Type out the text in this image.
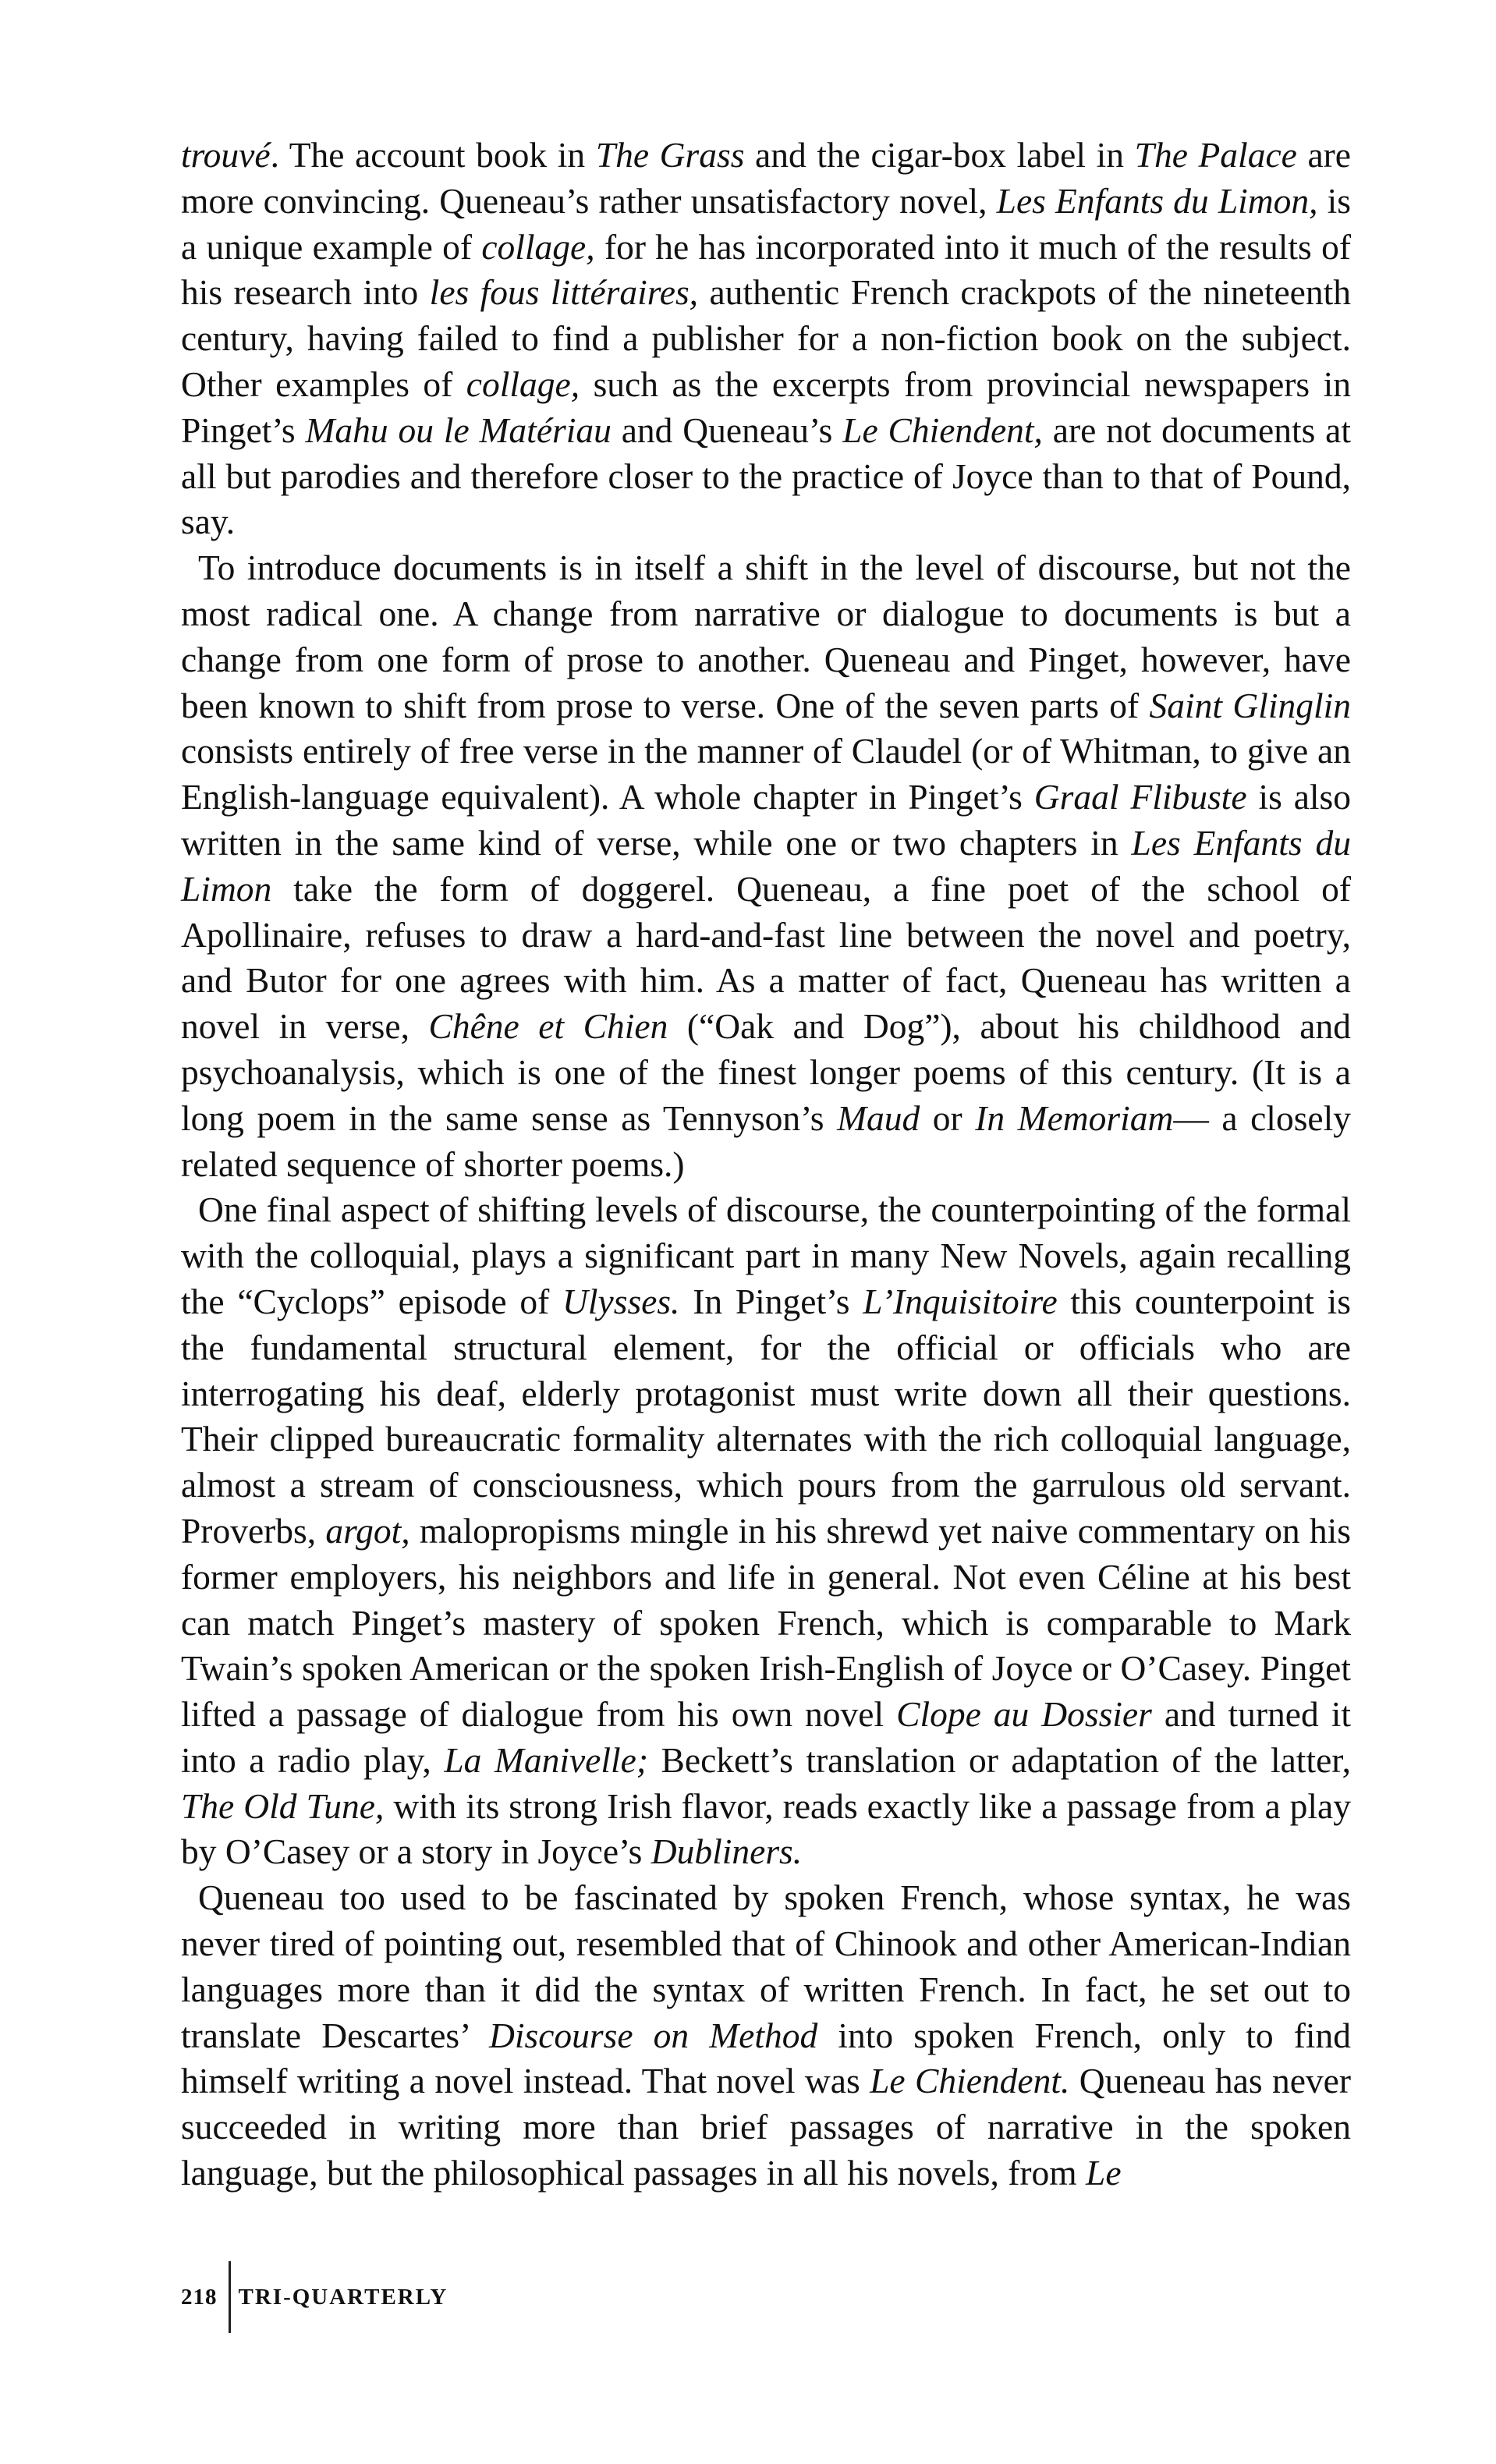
trouvé. The account book in The Grass and the cigar-box label in The Palace are more convincing. Queneau’s rather unsatisfactory novel, Les Enfants du Limon, is a unique example of collage, for he has incorporated into it much of the results of his research into les fous littéraires, authentic French crackpots of the nineteenth century, having failed to find a publisher for a non-fiction book on the subject. Other examples of collage, such as the excerpts from provincial newspapers in Pinget’s Mahu ou le Matériau and Queneau’s Le Chiendent, are not documents at all but parodies and therefore closer to the practice of Joyce than to that of Pound, say.

To introduce documents is in itself a shift in the level of discourse, but not the most radical one. A change from narrative or dialogue to documents is but a change from one form of prose to another. Queneau and Pinget, however, have been known to shift from prose to verse. One of the seven parts of Saint Glinglin consists entirely of free verse in the manner of Claudel (or of Whitman, to give an English-language equivalent). A whole chapter in Pinget’s Graal Flibuste is also written in the same kind of verse, while one or two chapters in Les Enfants du Limon take the form of doggerel. Queneau, a fine poet of the school of Apollinaire, refuses to draw a hard-and-fast line between the novel and poetry, and Butor for one agrees with him. As a matter of fact, Queneau has written a novel in verse, Chêne et Chien (“Oak and Dog”), about his childhood and psychoanalysis, which is one of the finest longer poems of this century. (It is a long poem in the same sense as Tennyson’s Maud or In Memoriam— a closely related sequence of shorter poems.)

One final aspect of shifting levels of discourse, the counterpointing of the formal with the colloquial, plays a significant part in many New Novels, again recalling the “Cyclops” episode of Ulysses. In Pinget’s L’Inquisitoire this counterpoint is the fundamental structural element, for the official or officials who are interrogating his deaf, elderly protagonist must write down all their questions. Their clipped bureaucratic formality alternates with the rich colloquial language, almost a stream of consciousness, which pours from the garrulous old servant. Proverbs, argot, malopropisms mingle in his shrewd yet naive commentary on his former employers, his neighbors and life in general. Not even Céline at his best can match Pinget’s mastery of spoken French, which is comparable to Mark Twain’s spoken American or the spoken Irish-English of Joyce or O’Casey. Pinget lifted a passage of dialogue from his own novel Clope au Dossier and turned it into a radio play, La Manivelle; Beckett’s translation or adaptation of the latter, The Old Tune, with its strong Irish flavor, reads exactly like a passage from a play by O’Casey or a story in Joyce’s Dubliners.

Queneau too used to be fascinated by spoken French, whose syntax, he was never tired of pointing out, resembled that of Chinook and other American-Indian languages more than it did the syntax of written French. In fact, he set out to translate Descartes’ Discourse on Method into spoken French, only to find himself writing a novel instead. That novel was Le Chiendent. Queneau has never succeeded in writing more than brief passages of narrative in the spoken language, but the philosophical passages in all his novels, from Le

218 TRI-QUARTERLY
